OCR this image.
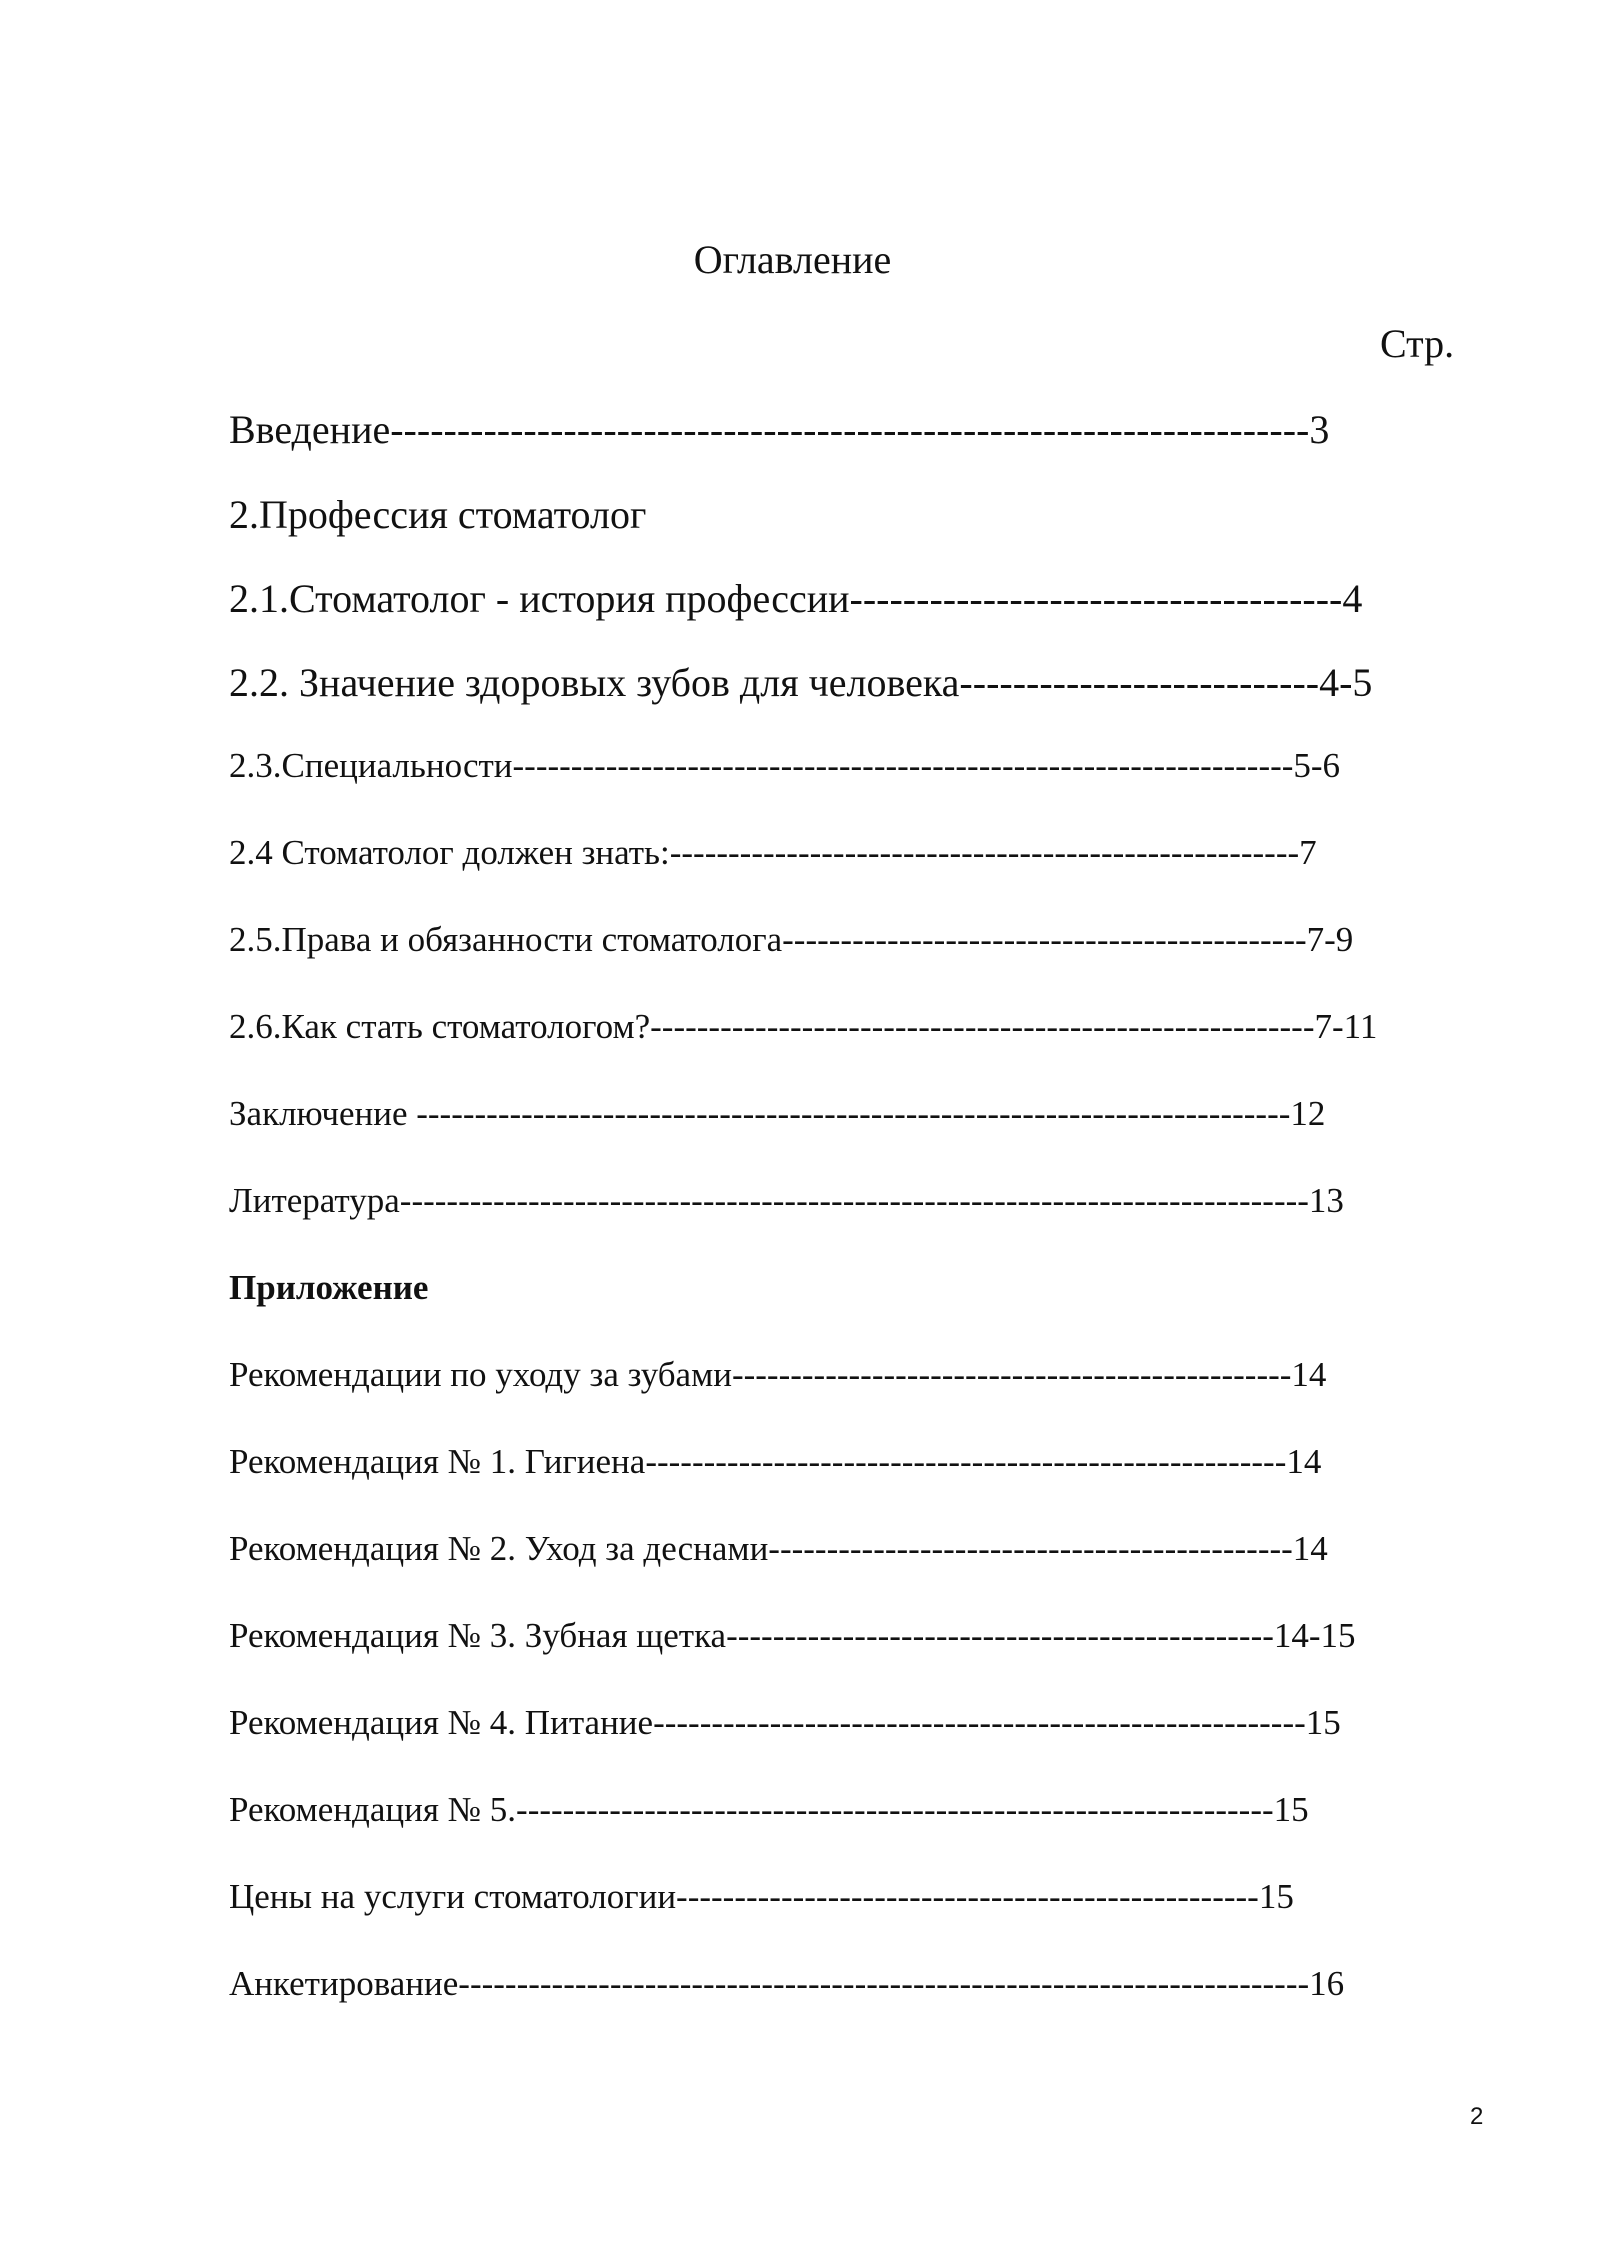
Оглавление
Стр.
Введение---------------------------------------------------------------------3
2.Профессия стоматолог
2.1.Стоматолог - история профессии-------------------------------------4
2.2. Значение здоровых зубов для человека---------------------------4-5
2.3.Специальности-------------------------------------------------------------------5-6
2.4 Стоматолог должен знать:------------------------------------------------------7
2.5.Права и обязанности стоматолога---------------------------------------------7-9
2.6.Как стать стоматологом?---------------------------------------------------------7-11
Заключение ---------------------------------------------------------------------------12
Литература------------------------------------------------------------------------------13
Приложение
Рекомендации по уходу за зубами------------------------------------------------14
Рекомендация № 1. Гигиена-------------------------------------------------------14
Рекомендация № 2. Уход за деснами---------------------------------------------14
Рекомендация № 3. Зубная щетка-----------------------------------------------14-15
Рекомендация № 4. Питание--------------------------------------------------------15
Рекомендация № 5.-----------------------------------------------------------------15
Цены на услуги стоматологии--------------------------------------------------15
Анкетирование-------------------------------------------------------------------------16
2
